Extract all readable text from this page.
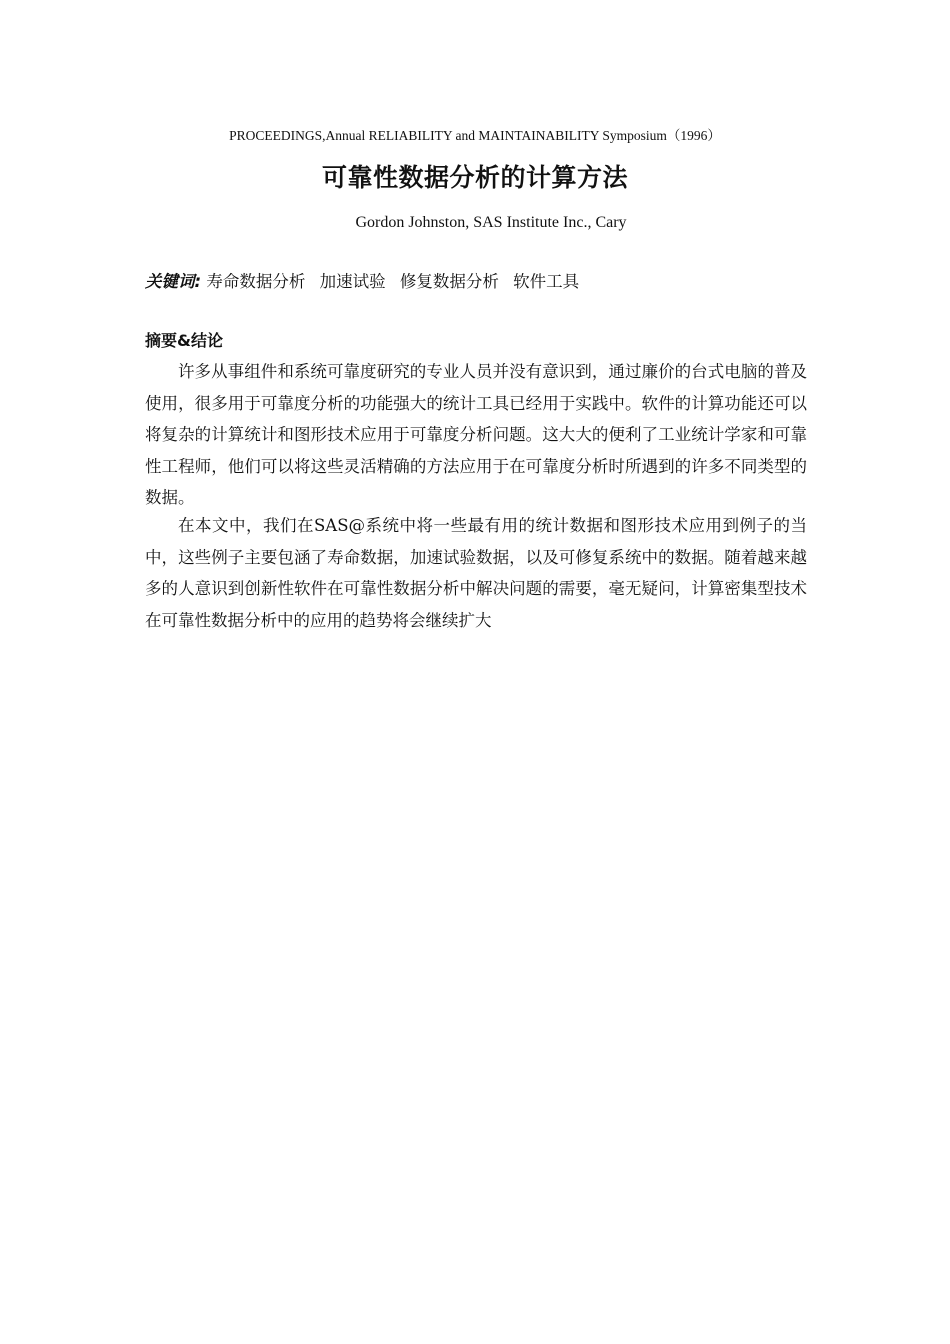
PROCEEDINGS,Annual RELIABILITY and MAINTAINABILITY Symposium（1996）
可靠性数据分析的计算方法
Gordon Johnston, SAS Institute Inc., Cary
关键词: 寿命数据分析 加速试验 修复数据分析 软件工具
摘要&结论

许多从事组件和系统可靠度研究的专业人员并没有意识到，通过廉价的台式电脑的普及使用，很多用于可靠度分析的功能强大的统计工具已经用于实践中。软件的计算功能还可以将复杂的计算统计和图形技术应用于可靠度分析问题。这大大的便利了工业统计学家和可靠性工程师，他们可以将这些灵活精确的方法应用于在可靠度分析时所遇到的许多不同类型的数据。

在本文中，我们在SAS@系统中将一些最有用的统计数据和图形技术应用到例子的当中，这些例子主要包涵了寿命数据，加速试验数据，以及可修复系统中的数据。随着越来越多的人意识到创新性软件在可靠性数据分析中解决问题的需要，毫无疑问，计算密集型技术在可靠性数据分析中的应用的趋势将会继续扩大
